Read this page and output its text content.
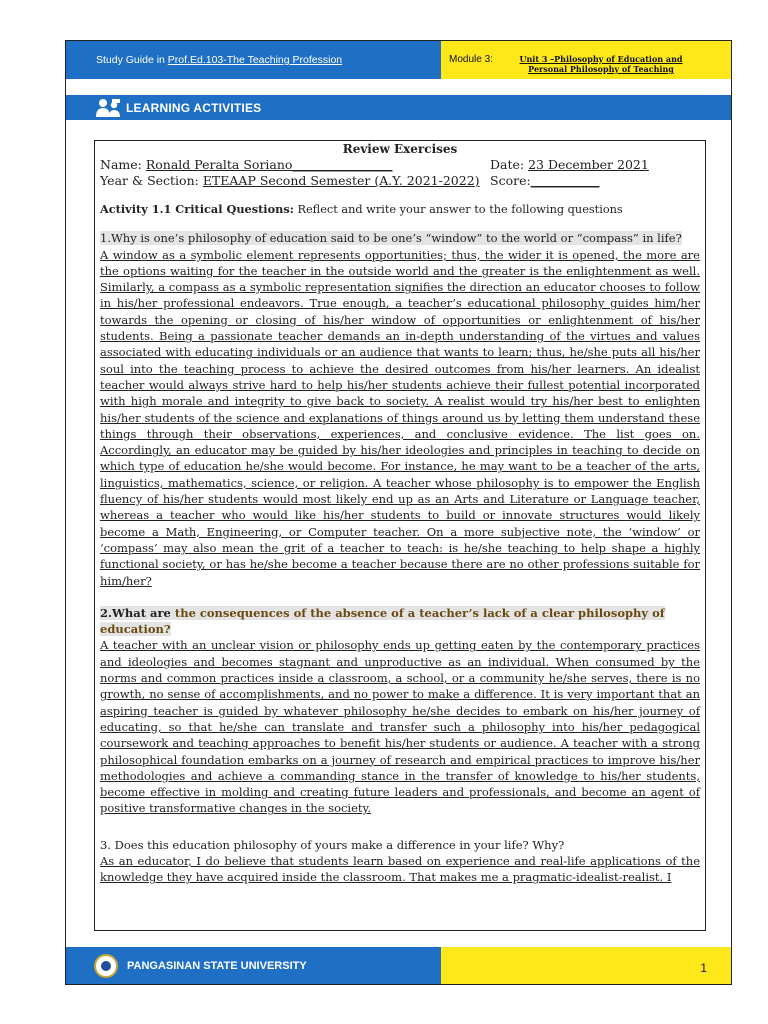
Study Guide in Prof.Ed.103-The Teaching Profession	Module 3:	Unit 3 –Philosophy of Education and Personal Philosophy of Teaching
LEARNING ACTIVITIES
Review Exercises
Name: Ronald Peralta Soriano________________	Date: 23 December 2021
Year & Section: ETEAAP Second Semester (A.Y. 2021-2022) Score:___________
Activity 1.1 Critical Questions: Reflect and write your answer to the following questions
1.Why is one’s philosophy of education said to be one’s “window” to the world or “compass” in life?
A window as a symbolic element represents opportunities; thus, the wider it is opened, the more are the options waiting for the teacher in the outside world and the greater is the enlightenment as well. Similarly, a compass as a symbolic representation signifies the direction an educator chooses to follow in his/her professional endeavors. True enough, a teacher’s educational philosophy guides him/her towards the opening or closing of his/her window of opportunities or enlightenment of his/her students. Being a passionate teacher demands an in-depth understanding of the virtues and values associated with educating individuals or an audience that wants to learn; thus, he/she puts all his/her soul into the teaching process to achieve the desired outcomes from his/her learners. An idealist teacher would always strive hard to help his/her students achieve their fullest potential incorporated with high morale and integrity to give back to society. A realist would try his/her best to enlighten his/her students of the science and explanations of things around us by letting them understand these things through their observations, experiences, and conclusive evidence. The list goes on. Accordingly, an educator may be guided by his/her ideologies and principles in teaching to decide on which type of education he/she would become. For instance, he may want to be a teacher of the arts, linguistics, mathematics, science, or religion. A teacher whose philosophy is to empower the English fluency of his/her students would most likely end up as an Arts and Literature or Language teacher, whereas a teacher who would like his/her students to build or innovate structures would likely become a Math, Engineering, or Computer teacher. On a more subjective note, the ‘window’ or ‘compass’ may also mean the grit of a teacher to teach: is he/she teaching to help shape a highly functional society, or has he/she become a teacher because there are no other professions suitable for him/her?
2.What are the consequences of the absence of a teacher’s lack of a clear philosophy of education?
A teacher with an unclear vision or philosophy ends up getting eaten by the contemporary practices and ideologies and becomes stagnant and unproductive as an individual. When consumed by the norms and common practices inside a classroom, a school, or a community he/she serves, there is no growth, no sense of accomplishments, and no power to make a difference. It is very important that an aspiring teacher is guided by whatever philosophy he/she decides to embark on his/her journey of educating, so that he/she can translate and transfer such a philosophy into his/her pedagogical coursework and teaching approaches to benefit his/her students or audience. A teacher with a strong philosophical foundation embarks on a journey of research and empirical practices to improve his/her methodologies and achieve a commanding stance in the transfer of knowledge to his/her students, become effective in molding and creating future leaders and professionals, and become an agent of positive transformative changes in the society.
3. Does this education philosophy of yours make a difference in your life? Why?
As an educator, I do believe that students learn based on experience and real-life applications of the knowledge they have acquired inside the classroom. That makes me a pragmatic-idealist-realist. I
PANGASINAN STATE UNIVERSITY	1
